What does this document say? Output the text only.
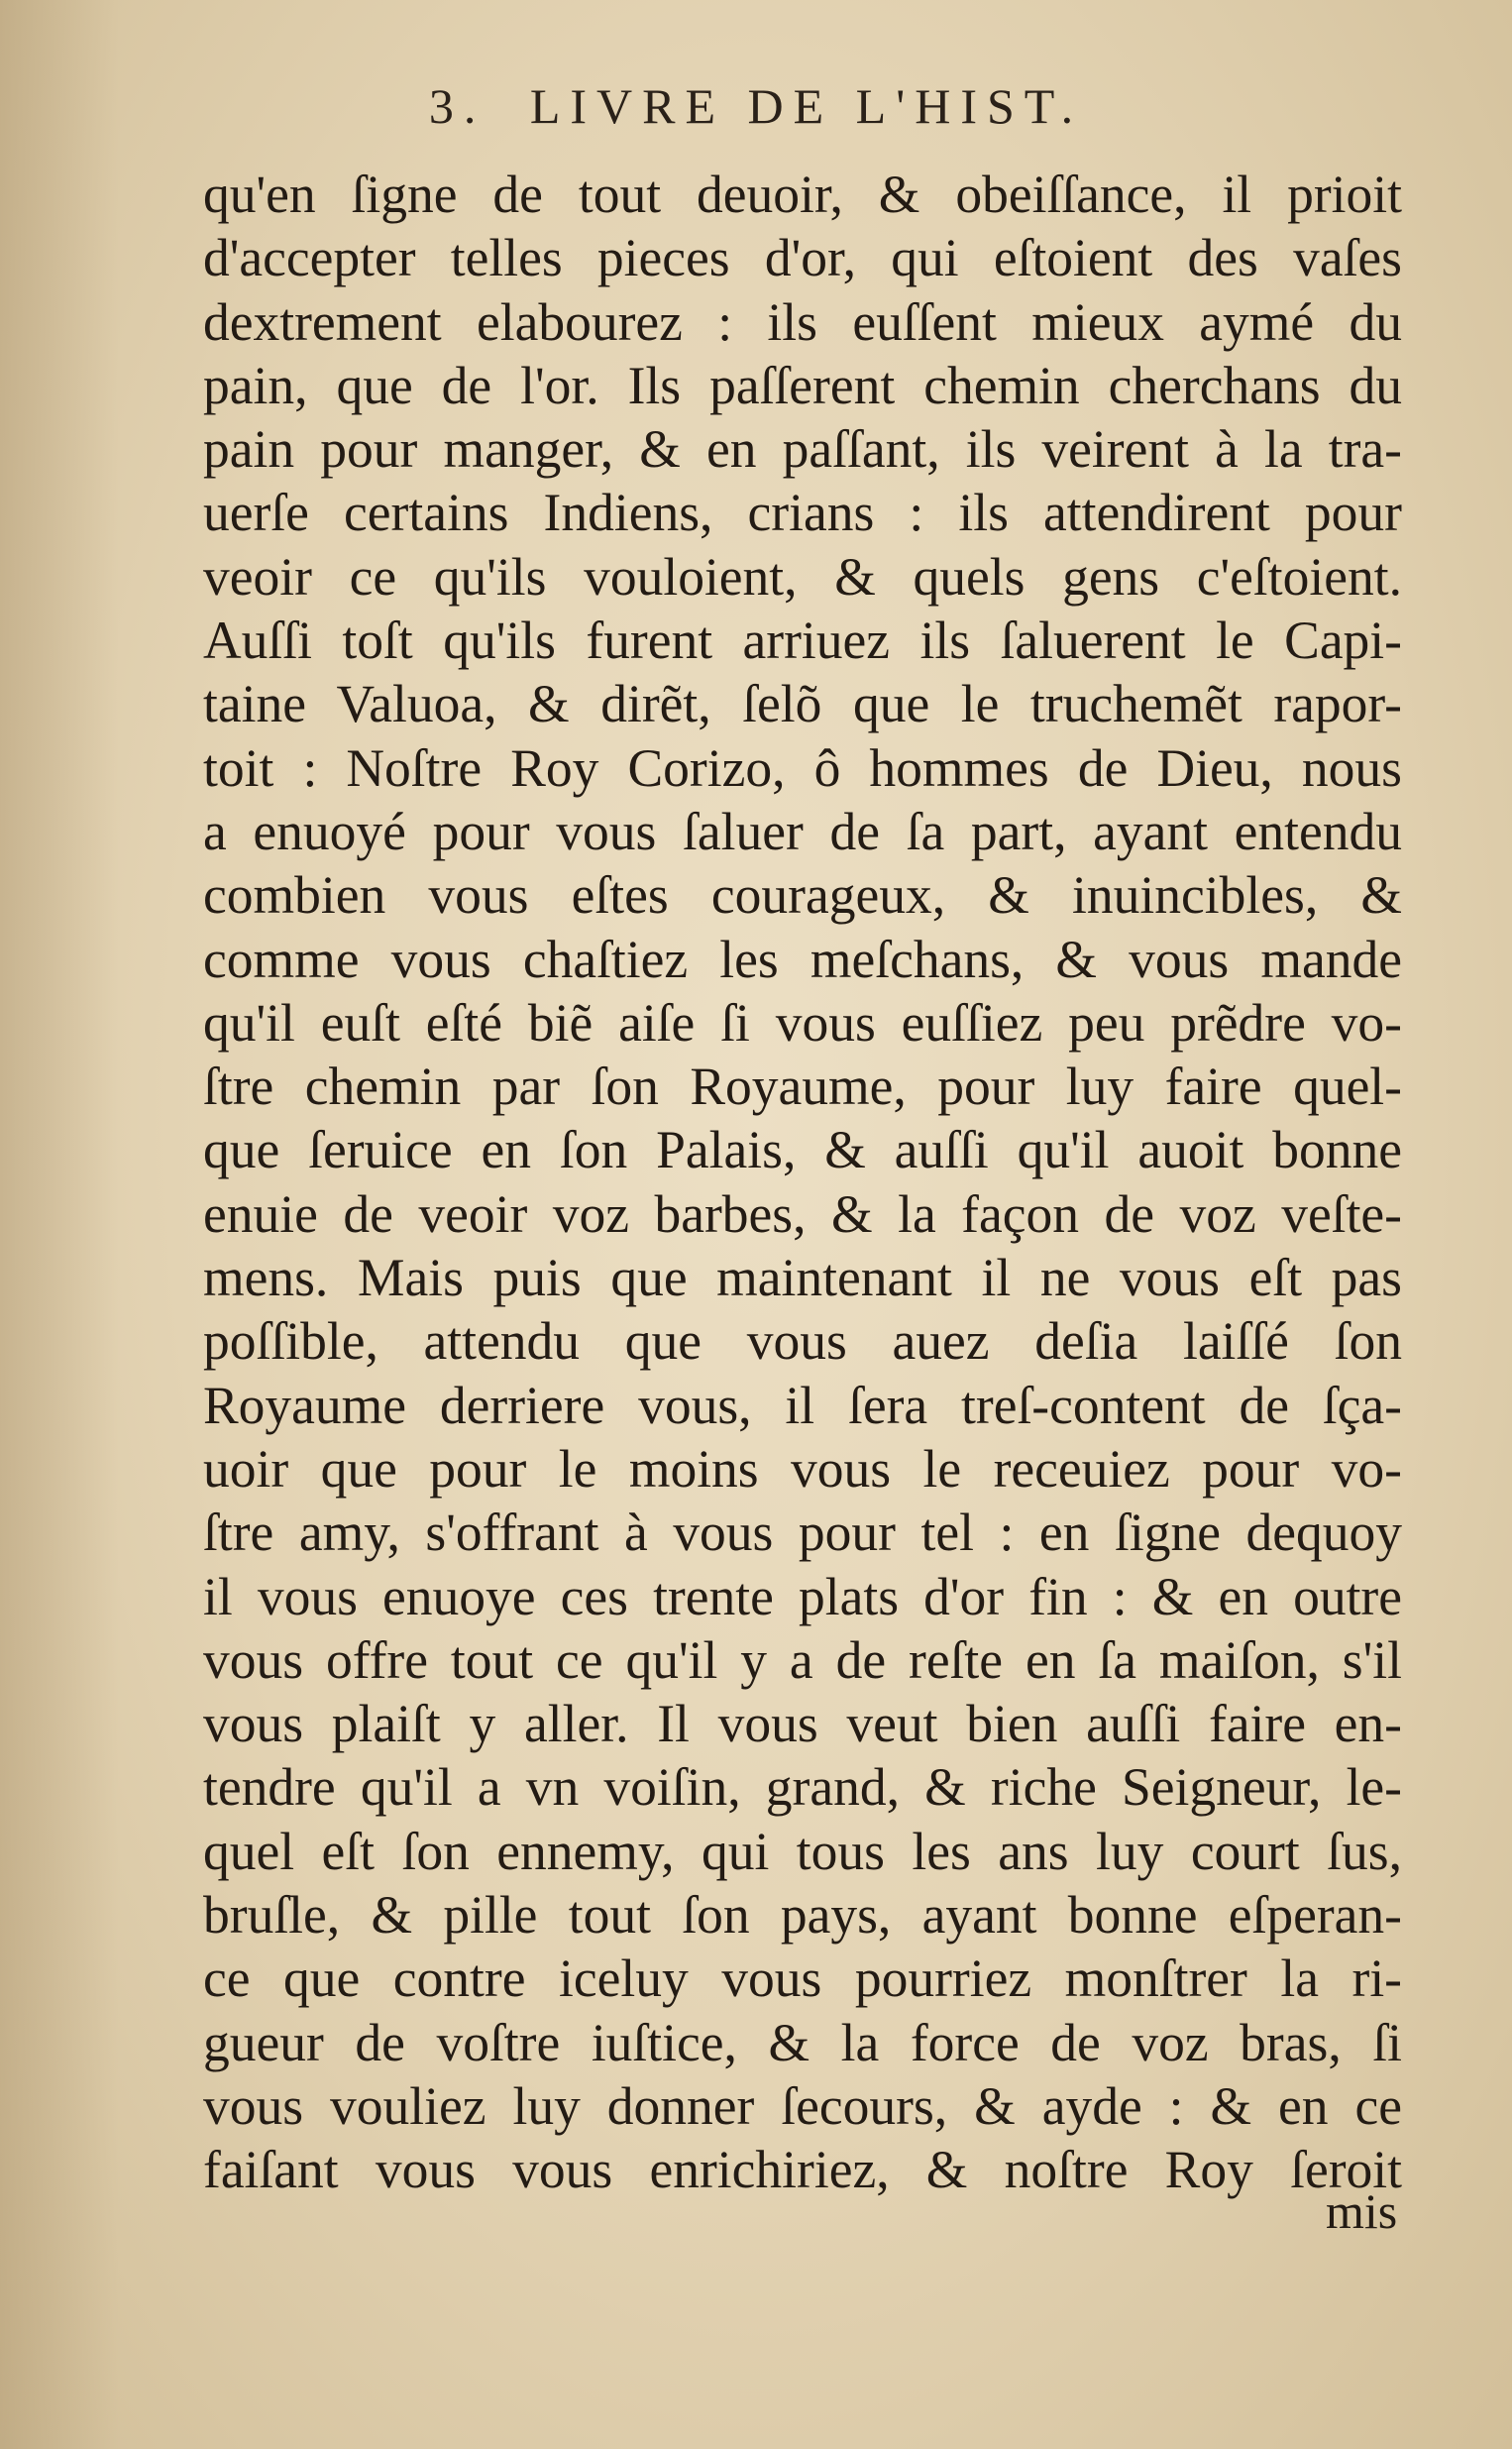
3. LIVRE DE L'HIST.
qu'en ſigne de tout deuoir, & obeiſſance, il prioit
d'accepter telles pieces d'or, qui eſtoient des vaſes
dextrement elabourez : ils euſſent mieux aymé du
pain, que de l'or. Ils paſſerent chemin cherchans du
pain pour manger, & en paſſant, ils veirent à la tra-
uerſe certains Indiens, crians : ils attendirent pour
veoir ce qu'ils vouloient, & quels gens c'eſtoient.
Auſſi toſt qu'ils furent arriuez ils ſaluerent le Capi-
taine Valuoa, & dirẽt, ſelõ que le truchemẽt rapor-
toit : Noſtre Roy Corizo, ô hommes de Dieu, nous
a enuoyé pour vous ſaluer de ſa part, ayant entendu
combien vous eſtes courageux, & inuincibles, &
comme vous chaſtiez les meſchans, & vous mande
qu'il euſt eſté biẽ aiſe ſi vous euſſiez peu prẽdre vo-
ſtre chemin par ſon Royaume, pour luy faire quel-
que ſeruice en ſon Palais, & auſſi qu'il auoit bonne
enuie de veoir voz barbes, & la façon de voz veſte-
mens. Mais puis que maintenant il ne vous eſt pas
poſſible, attendu que vous auez deſia laiſſé ſon
Royaume derriere vous, il ſera treſ-content de ſça-
uoir que pour le moins vous le receuiez pour vo-
ſtre amy, s'offrant à vous pour tel : en ſigne dequoy
il vous enuoye ces trente plats d'or fin : & en outre
vous offre tout ce qu'il y a de reſte en ſa maiſon, s'il
vous plaiſt y aller. Il vous veut bien auſſi faire en-
tendre qu'il a vn voiſin, grand, & riche Seigneur, le-
quel eſt ſon ennemy, qui tous les ans luy court ſus,
bruſle, & pille tout ſon pays, ayant bonne eſperan-
ce que contre iceluy vous pourriez monſtrer la ri-
gueur de voſtre iuſtice, & la force de voz bras, ſi
vous vouliez luy donner ſecours, & ayde : & en ce
faiſant vous vous enrichiriez, & noſtre Roy ſeroit
mis
